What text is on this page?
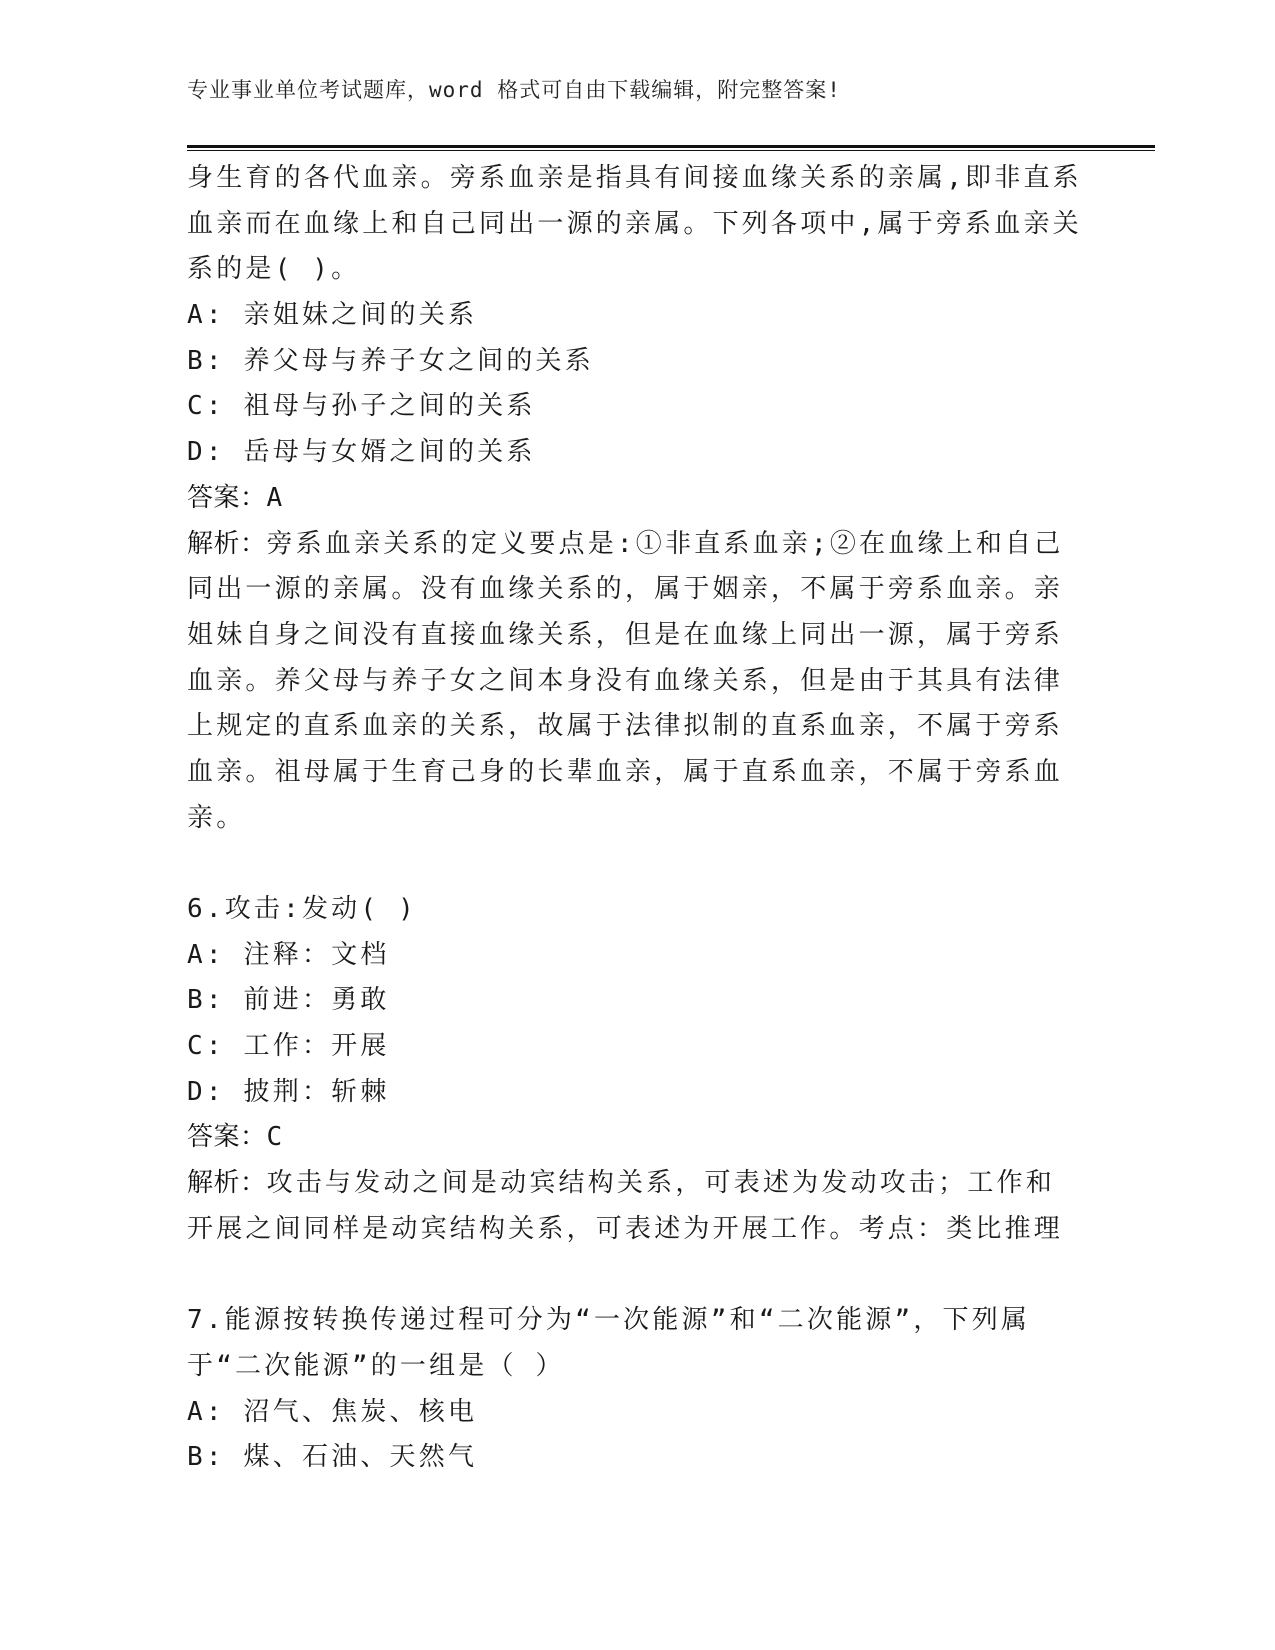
专业事业单位考试题库，word 格式可自由下载编辑，附完整答案!
身生育的各代血亲。旁系血亲是指具有间接血缘关系的亲属,即非直系
血亲而在血缘上和自己同出一源的亲属。下列各项中,属于旁系血亲关
系的是( )。
A: 亲姐妹之间的关系
B: 养父母与养子女之间的关系
C: 祖母与孙子之间的关系
D: 岳母与女婿之间的关系
答案：A
解析：旁系血亲关系的定义要点是:①非直系血亲;②在血缘上和自己
同出一源的亲属。没有血缘关系的，属于姻亲，不属于旁系血亲。亲
姐妹自身之间没有直接血缘关系，但是在血缘上同出一源，属于旁系
血亲。养父母与养子女之间本身没有血缘关系，但是由于其具有法律
上规定的直系血亲的关系，故属于法律拟制的直系血亲，不属于旁系
血亲。祖母属于生育己身的长辈血亲，属于直系血亲，不属于旁系血
亲。
6.攻击:发动( )
A: 注释：文档
B: 前进：勇敢
C: 工作：开展
D: 披荆：斩棘
答案：C
解析：攻击与发动之间是动宾结构关系，可表述为发动攻击；工作和
开展之间同样是动宾结构关系，可表述为开展工作。考点：类比推理
7.能源按转换传递过程可分为“一次能源”和“二次能源”，下列属
于“二次能源”的一组是（ ）
A: 沼气、焦炭、核电
B: 煤、石油、天然气
